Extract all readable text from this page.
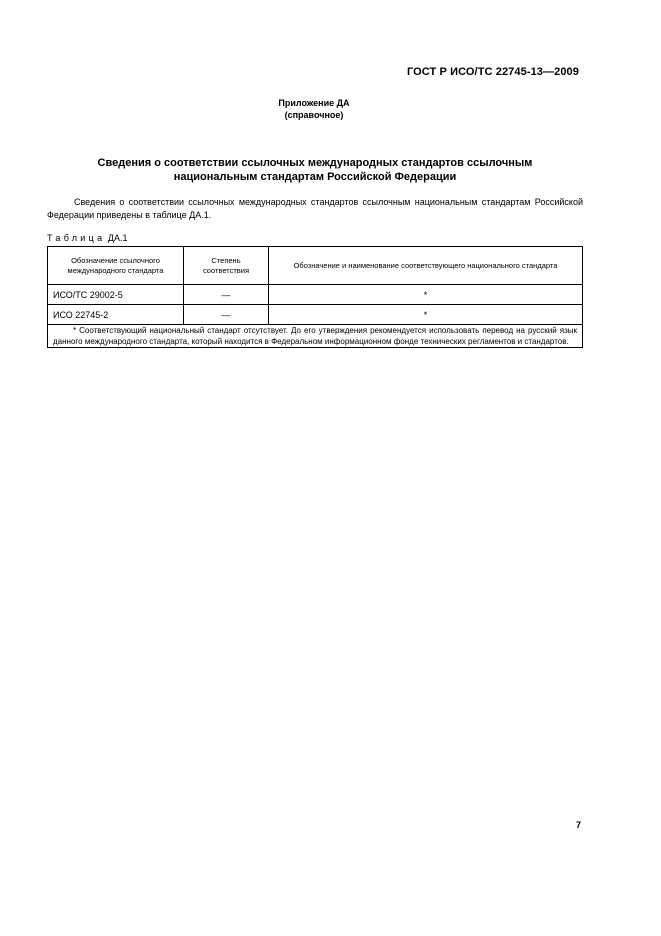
ГОСТ Р ИСО/ТС 22745-13—2009
Приложение ДА
(справочное)
Сведения о соответствии ссылочных международных стандартов ссылочным
национальным стандартам Российской Федерации

Сведения о соответствии ссылочных международных стандартов ссылочным национальным стандартам Российской Федерации приведены в таблице ДА.1.

Таблица ДА.1
Обозначение ссылочного международного стандарта	Степень соответствия	Обозначение и наименование соответствующего национального стандарта
ИСО/ТС 29002-5	—	*
ИСО 22745-2	—	*
* Соответствующий национальный стандарт отсутствует. До его утверждения рекомендуется использовать перевод на русский язык данного международного стандарта, который находится в Федеральном информационном фонде технических регламентов и стандартов.		
7
